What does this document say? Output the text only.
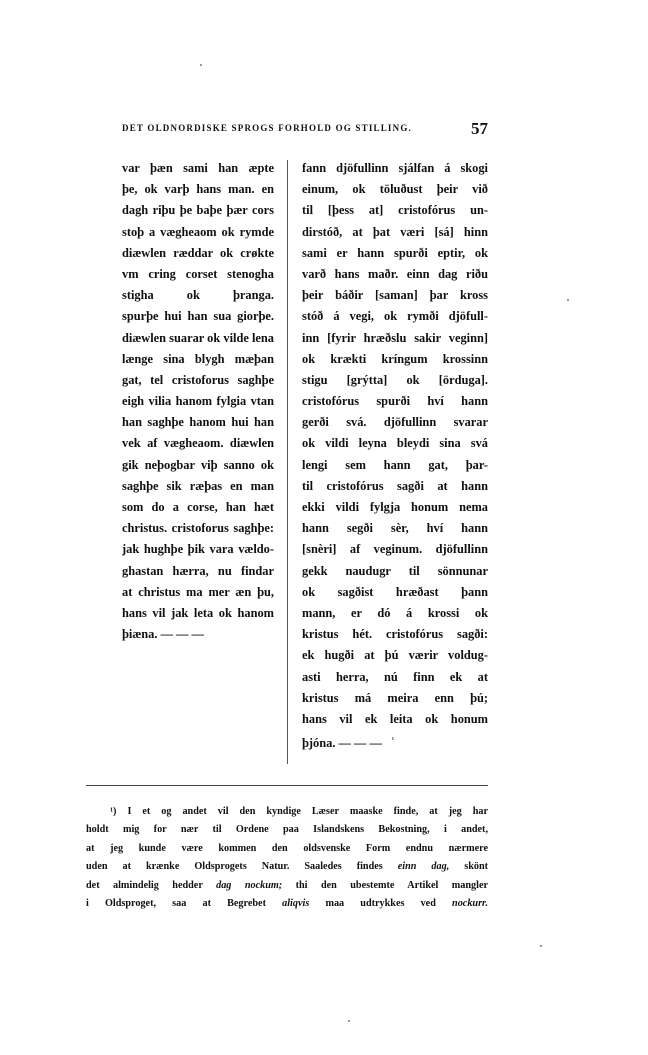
DET OLDNORDISKE SPROGS FORHOLD OG STILLING.	57
var þæn sami han æpte
þe, ok varþ hans man. en
dagh riþu þe baþe þær cors
stoþ a vægheaom ok rymde
diæwlen ræddar ok crøkte
vm cring corset stenogha
stigha ok þranga.
spurþe hui han sua giorþe.
diæwlen suarar ok vilde lena
længe sina blygh mæþan
gat, tel cristoforus saghþe
eigh vilia hanom fylgia vtan
han saghþe hanom hui han
vek af vægheaom. diæwlen
gik neþogbar viþ sanno ok
saghþe sik ræþas en man
som do a corse, han hæt
christus. cristoforus saghþe:
jak hughþe þik vara vældo-
ghastan hærra, nu findar
at christus ma mer æn þu,
hans vil jak leta ok hanom
þiæna. — — —
fann djöfullinn sjálfan á skogi
einum, ok töluðust þeir við
til [þess at] cristofórus un-
dirstóð, at þat væri [sá] hinn
sami er hann spurði eptir, ok
varð hans maðr. einn dag riðu
þeir báðir [saman] þar kross
stóð á vegi, ok rymði djöfull-
inn [fyrir hræðslu sakir veginn]
ok krækti kríngum krossinn
stigu [grýtta] ok [örduga].
cristofórus spurði hví hann
gerði svá. djöfullinn svarar
ok vildi leyna bleydi sina svá
lengi sem hann gat, þar-
til cristofórus sagði at hann
ekki vildi fylgja honum nema
hann segði sèr, hví hann
[snèri] af veginum. djöfullinn
gekk naudugr til sönnunar
ok sagðist hræðast þann
mann, er dó á krossi ok
kristus hét. cristofórus sagði:
ek hugði at þú værir voldug-
asti herra, nú finn ek at
kristus má meira enn þú;
hans vil ek leita ok honum
þjóna. — — — $^{^1}$
¹) I et og andet vil den kyndige Læser maaske finde, at jeg har
holdt mig for nær til Ordene paa Islandskens Bekostning, i andet,
at jeg kunde være kommen den oldsvenske Form endnu nærmere
uden at krænke Oldsprogets Natur. Saaledes findes einn dag, skönt
det almindelig hedder dag nockum; thi den ubestemte Artikel mangler
i Oldsproget, saa at Begrebet aliqvis maa udtrykkes ved nockurr.
